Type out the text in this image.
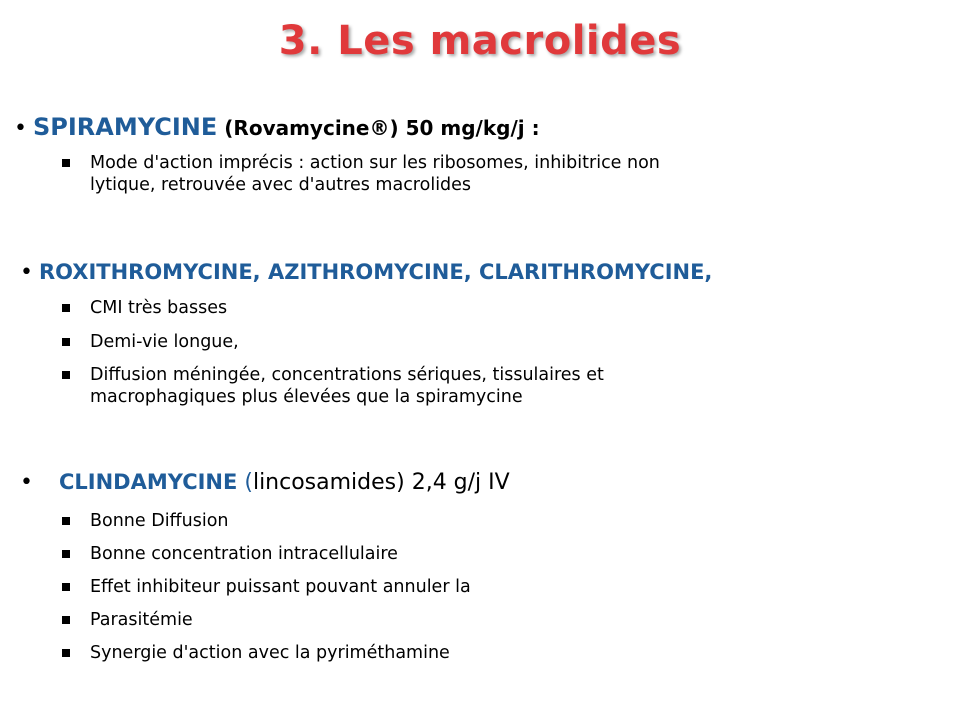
3. Les macrolides
• SPIRAMYCINE (Rovamycine®) 50 mg/kg/j :
Mode d'action imprécis : action sur les ribosomes, inhibitrice non
lytique, retrouvée avec d'autres macrolides
• ROXITHROMYCINE, AZITHROMYCINE, CLARITHROMYCINE,
CMI très basses
Demi-vie longue,
Diffusion méningée, concentrations sériques, tissulaires et
macrophagiques plus élevées que la spiramycine
• CLINDAMYCINE (lincosamides) 2,4 g/j IV
Bonne Diffusion
Bonne concentration intracellulaire
Effet inhibiteur puissant pouvant annuler la
Parasitémie
Synergie d'action avec la pyriméthamine
